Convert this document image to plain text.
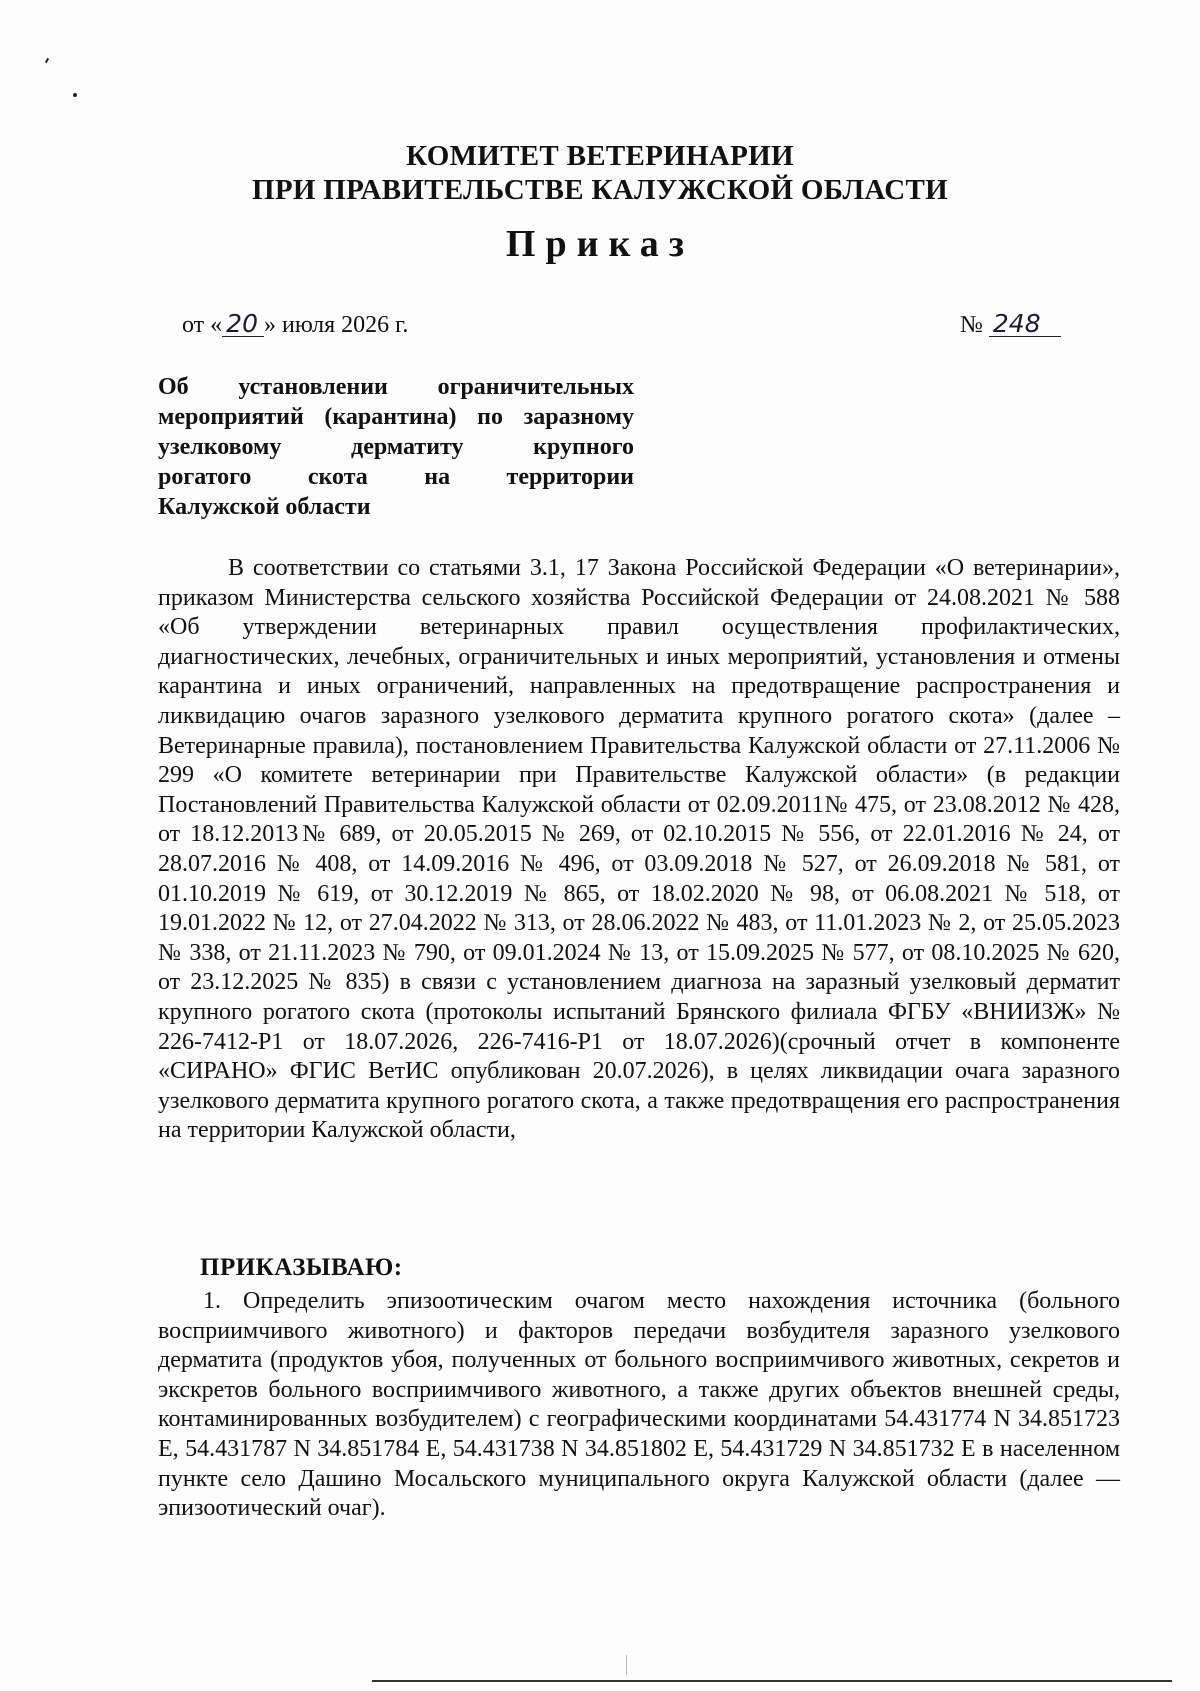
КОМИТЕТ ВЕТЕРИНАРИИ
ПРИ ПРАВИТЕЛЬСТВЕ КАЛУЖСКОЙ ОБЛАСТИ
Приказ
от « 20 » июля 2026 г.	№ 248
Об установлении ограничительных
мероприятий (карантина) по заразному
узелковому дерматиту крупного
рогатого скота на территории
Калужской области
В соответствии со статьями 3.1, 17 Закона Российской Федерации «О ветеринарии», приказом Министерства сельского хозяйства Российской Федерации от 24.08.2021 № 588 «Об утверждении ветеринарных правил осуществления профилактических, диагностических, лечебных, ограничительных и иных мероприятий, установления и отмены карантина и иных ограничений, направленных на предотвращение распространения и ликвидацию очагов заразного узелкового дерматита крупного рогатого скота» (далее – Ветеринарные правила), постановлением Правительства Калужской области от 27.11.2006 № 299 «О комитете ветеринарии при Правительстве Калужской области» (в редакции Постановлений Правительства Калужской области от 02.09.2011№ 475, от 23.08.2012 № 428, от 18.12.2013№ 689, от 20.05.2015 № 269, от 02.10.2015 № 556, от 22.01.2016 № 24, от 28.07.2016 № 408, от 14.09.2016 № 496, от 03.09.2018 № 527, от 26.09.2018 № 581, от 01.10.2019 № 619, от 30.12.2019 № 865, от 18.02.2020 № 98, от 06.08.2021 № 518, от 19.01.2022 № 12, от 27.04.2022 № 313, от 28.06.2022 № 483, от 11.01.2023 № 2, от 25.05.2023 № 338, от 21.11.2023 № 790, от 09.01.2024 № 13, от 15.09.2025 № 577, от 08.10.2025 № 620, от 23.12.2025 № 835) в связи с установлением диагноза на заразный узелковый дерматит крупного рогатого скота (протоколы испытаний Брянского филиала ФГБУ «ВНИИЗЖ» № 226-7412-Р1 от 18.07.2026, 226-7416-Р1 от 18.07.2026)(срочный отчет в компоненте «СИРАНО» ФГИС ВетИС опубликован 20.07.2026), в целях ликвидации очага заразного узелкового дерматита крупного рогатого скота, а также предотвращения его распространения на территории Калужской области,
ПРИКАЗЫВАЮ:
1. Определить эпизоотическим очагом место нахождения источника (больного восприимчивого животного) и факторов передачи возбудителя заразного узелкового дерматита (продуктов убоя, полученных от больного восприимчивого животных, секретов и экскретов больного восприимчивого животного, а также других объектов внешней среды, контаминированных возбудителем) с географическими координатами 54.431774 N 34.851723 E, 54.431787 N 34.851784 E, 54.431738 N 34.851802 E, 54.431729 N 34.851732 E в населенном пункте село Дашино Мосальского муниципального округа Калужской области (далее — эпизоотический очаг).
